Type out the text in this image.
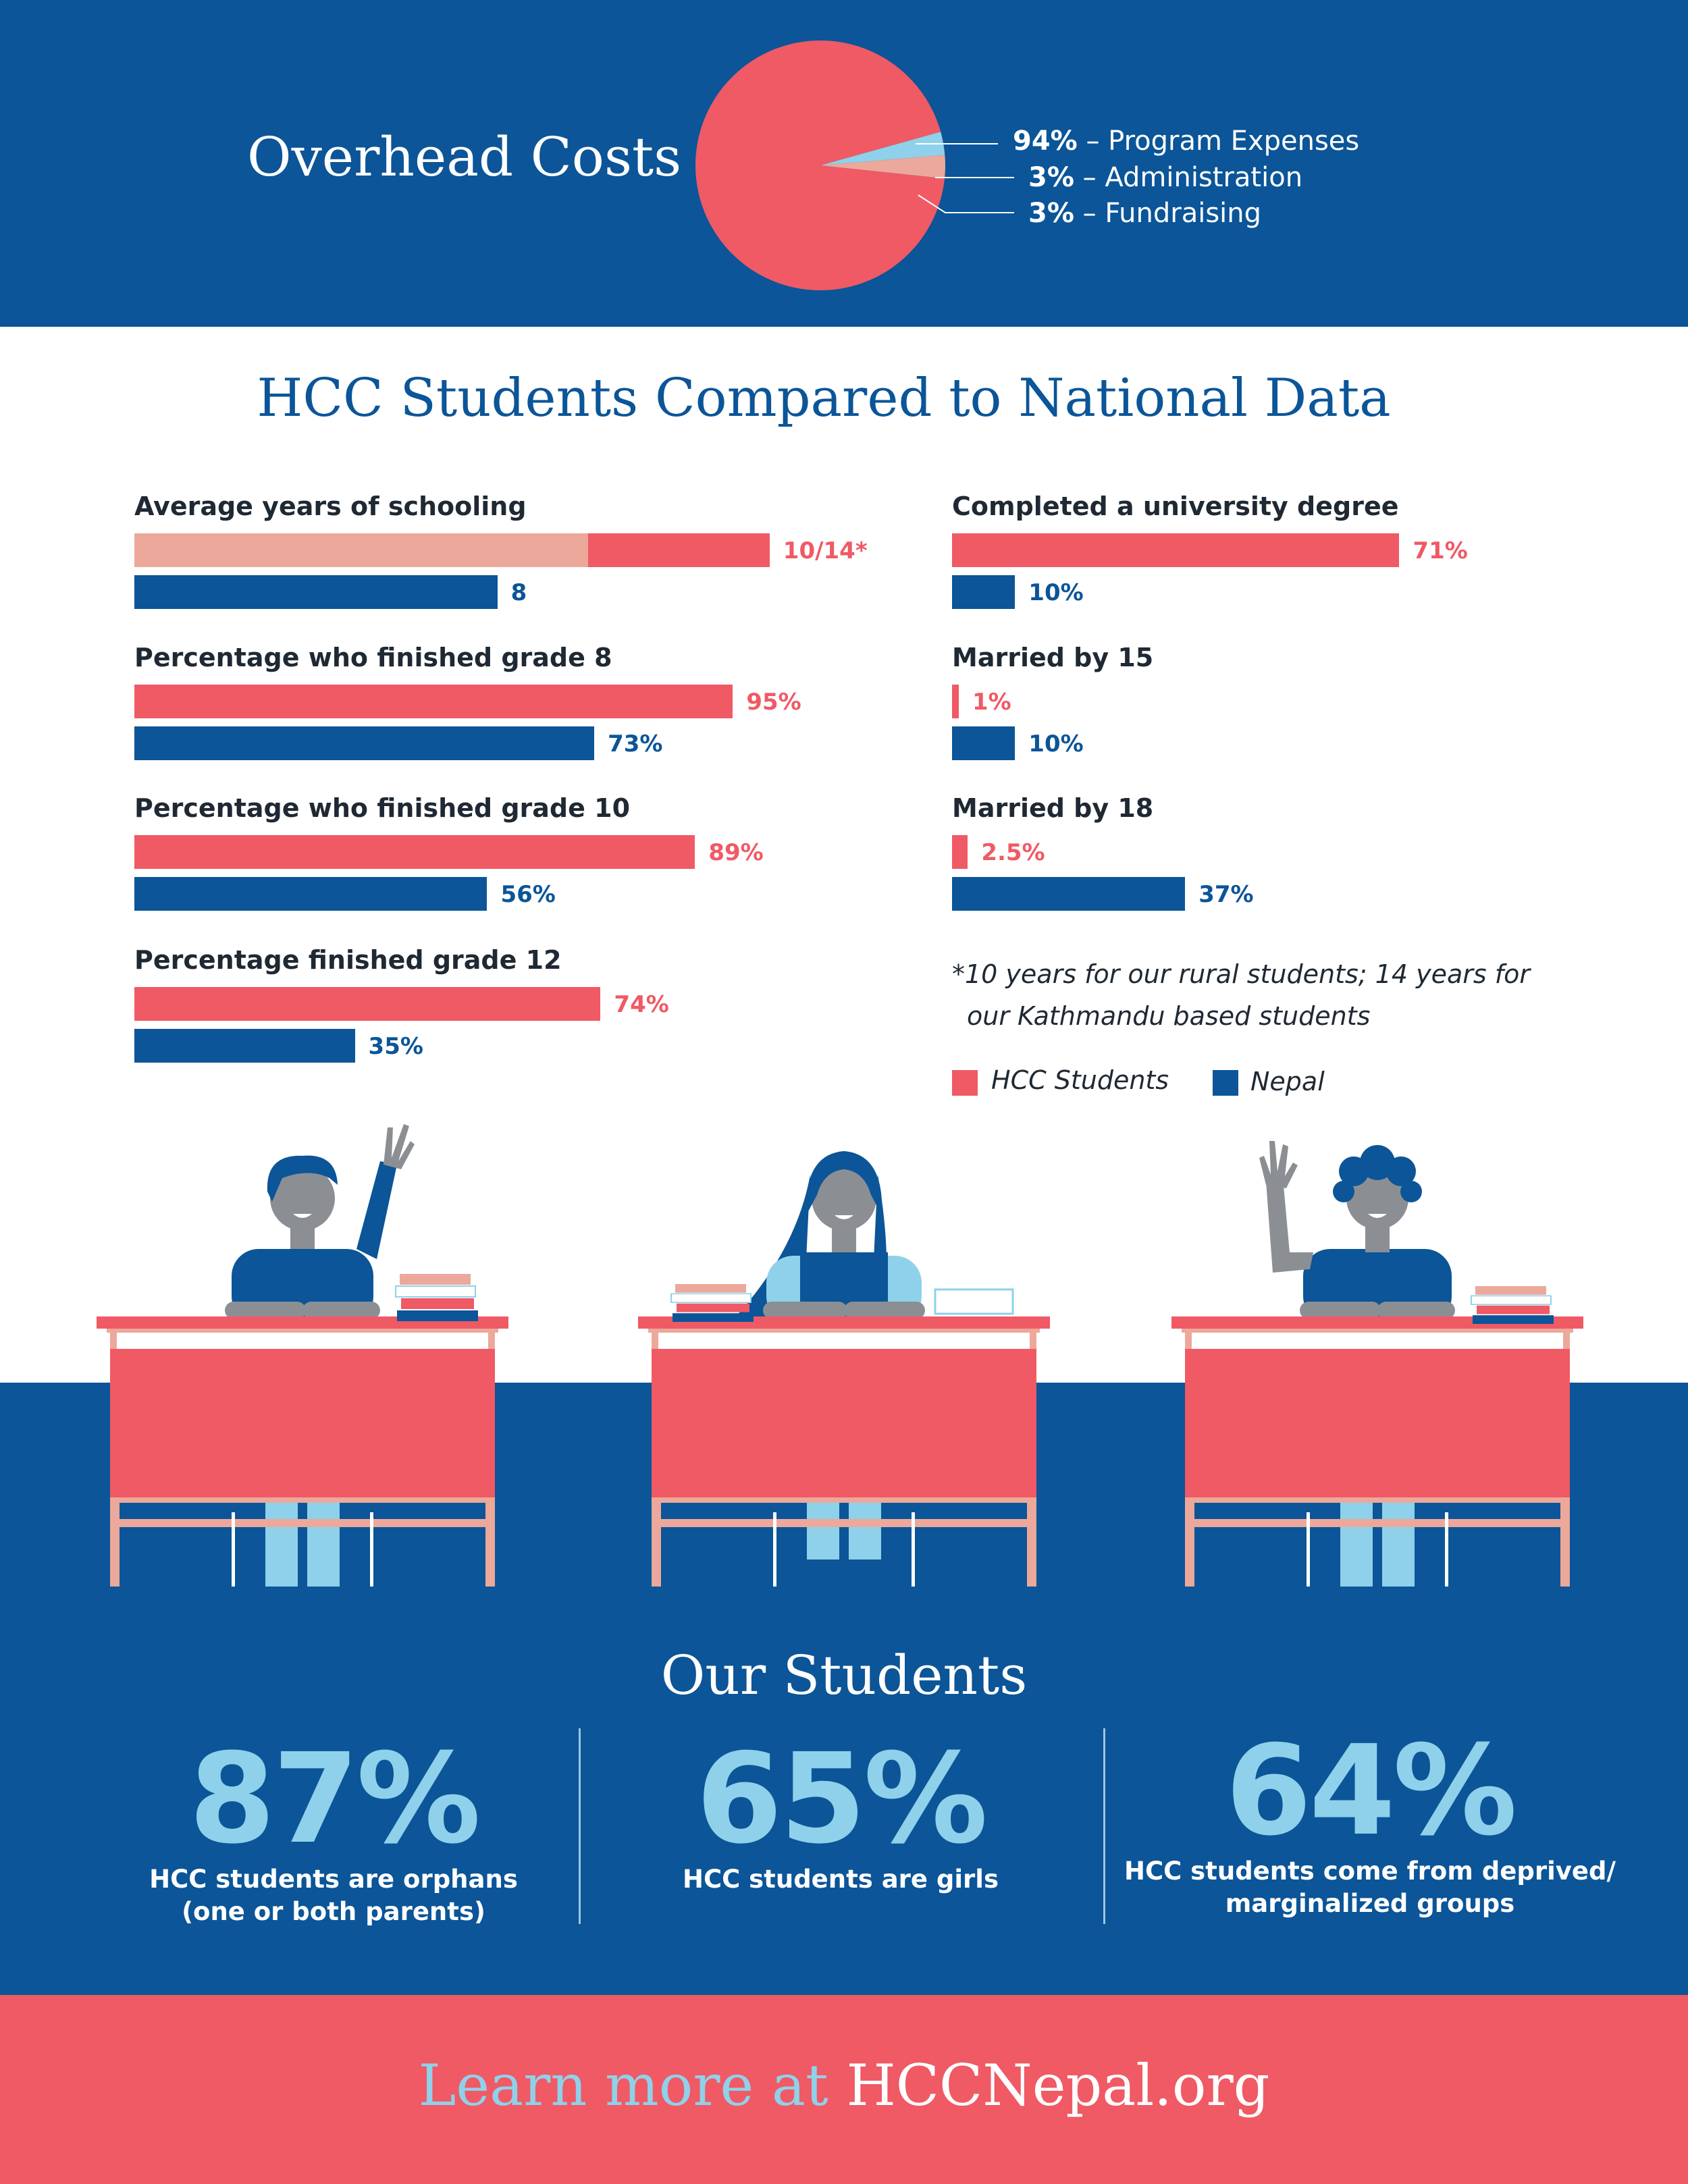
Overhead Costs	94% – Program Expenses
3% – Administration
3% – Fundraising
HCC Students Compared to National Data
Average years of schooling
10/14*
8
Percentage who finished grade 8
95%
73%
Percentage who finished grade 10
89%
56%
Percentage finished grade 12
74%
35%
Completed a university degree
71%
10%
Married by 15
1%
10%
Married by 18
2.5%
37%
*10 years for our rural students; 14 years for
our Kathmandu based students
HCC Students	Nepal
Our Students
87%
HCC students are orphans
(one or both parents)
65%
HCC students are girls
64%
HCC students come from deprived/
marginalized groups
Learn more at HCCNepal.org
